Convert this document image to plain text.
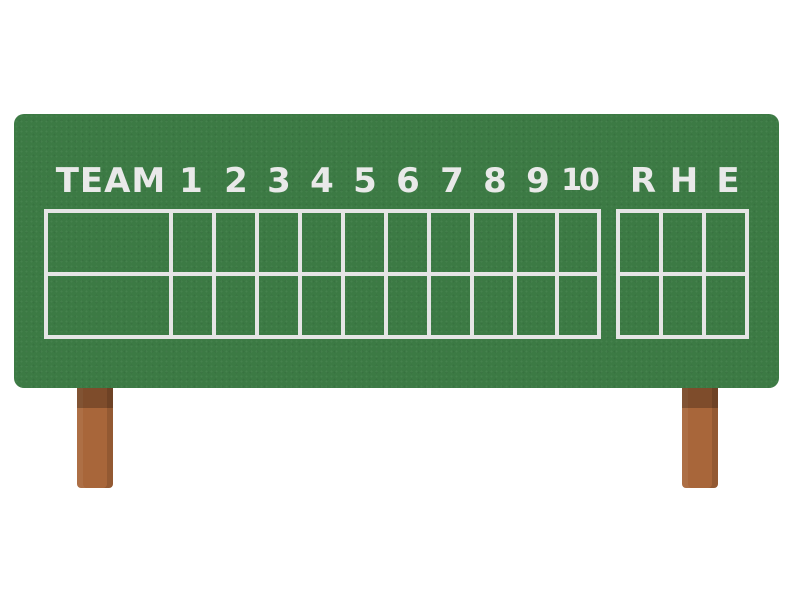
TEAM 1 2 3 4 5 6 7 8 9 10 R H E
